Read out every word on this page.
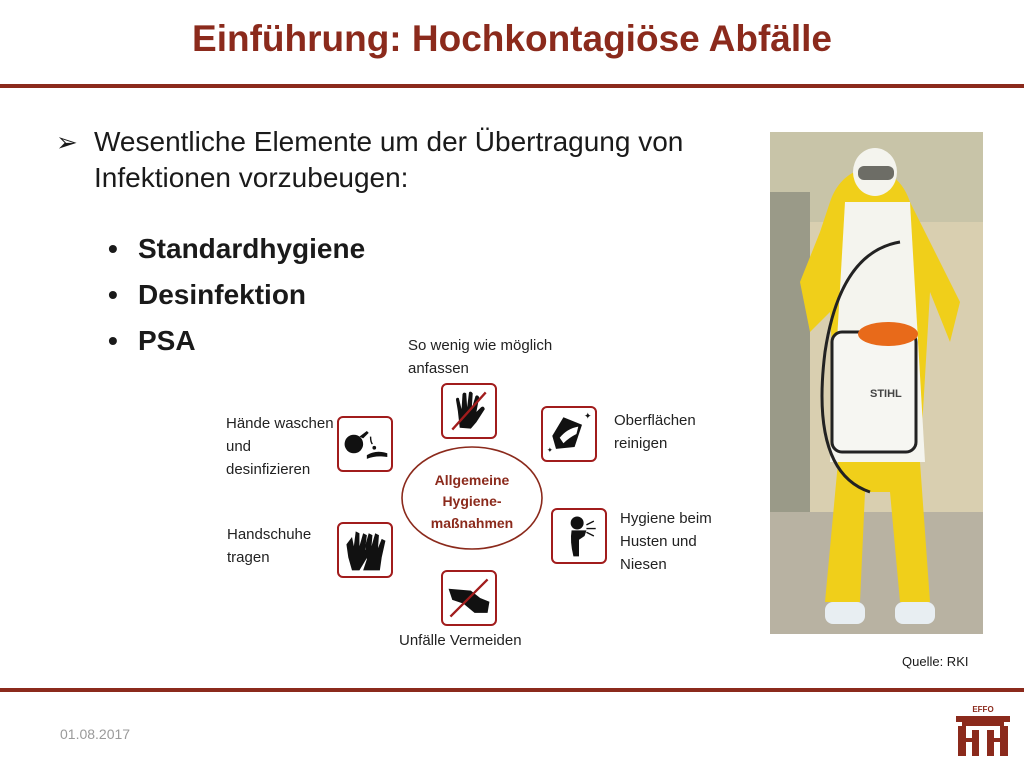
Einführung: Hochkontagiöse Abfälle
➢ Wesentliche Elemente um der Übertragung von Infektionen vorzubeugen:
• Standardhygiene
• Desinfektion
• PSA
Allgemeine
Hygiene-
maßnahmen
So wenig wie möglich anfassen
✦
✦
Oberflächen reinigen
Hygiene beim Husten und Niesen
Unfälle Vermeiden
Handschuhe tragen
Hände waschen und desinfizieren
STIHL
Quelle: RKI
01.08.2017
EFFO
